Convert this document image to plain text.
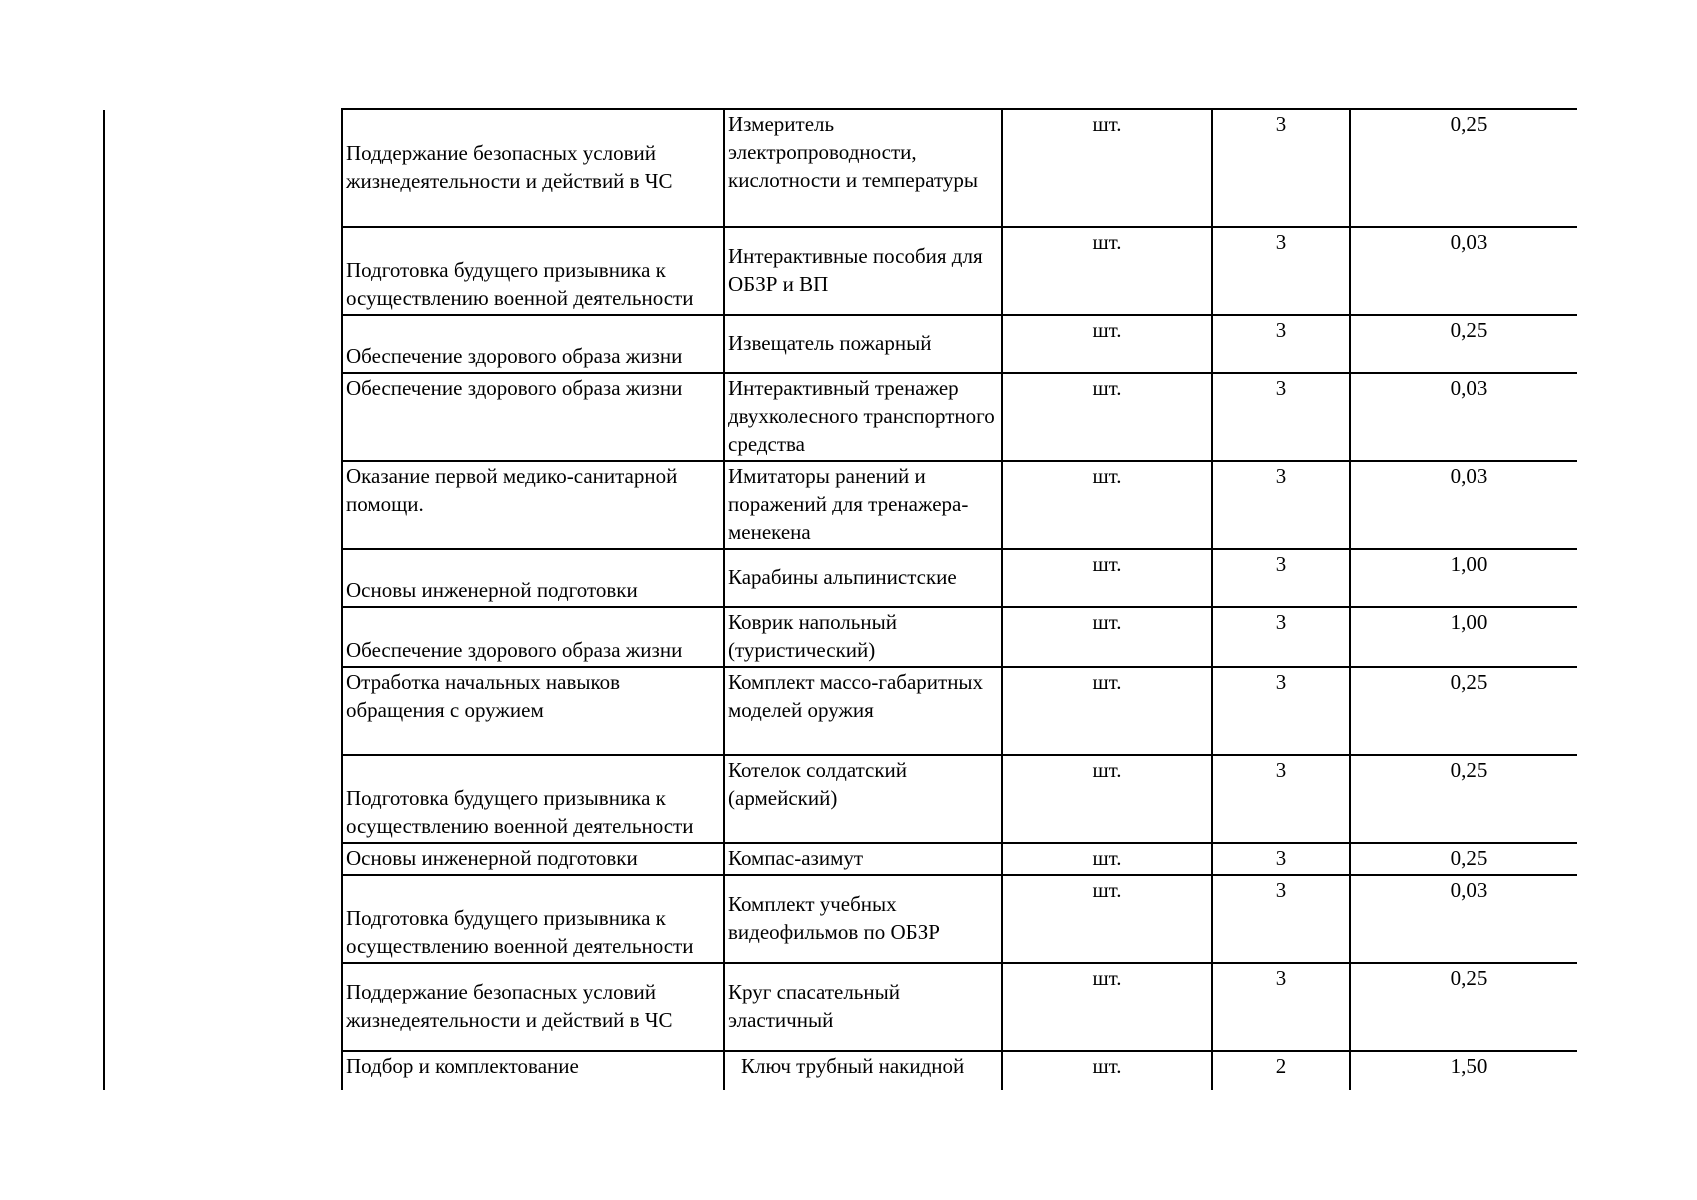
Поддержание безопасных условий жизнедеятельности и действий в ЧС	Измеритель электропроводности, кислотности и температуры	шт.	3	0,25
Подготовка будущего призывника к осуществлению военной деятельности	Интерактивные пособия для ОБЗР и ВП	шт.	3	0,03
Обеспечение здорового образа жизни	Извещатель пожарный	шт.	3	0,25
Обеспечение здорового образа жизни	Интерактивный тренажер двухколесного транспортного средства	шт.	3	0,03
Оказание первой медико-санитарной помощи.	Имитаторы ранений и поражений для тренажера-менекена	шт.	3	0,03
Основы инженерной подготовки	Карабины альпинистские	шт.	3	1,00
Обеспечение здорового образа жизни	Коврик напольный (туристический)	шт.	3	1,00
Отработка начальных навыков обращения с оружием	Комплект массо-габаритных моделей оружия	шт.	3	0,25
Подготовка будущего призывника к осуществлению военной деятельности	Котелок солдатский (армейский)	шт.	3	0,25
Основы инженерной подготовки	Компас-азимут	шт.	3	0,25
Подготовка будущего призывника к осуществлению военной деятельности	Комплект учебных видеофильмов по ОБЗР	шт.	3	0,03
Поддержание безопасных условий жизнедеятельности и действий в ЧС	Круг спасательный эластичный	шт.	3	0,25
Подбор и комплектование	Ключ трубный накидной	шт.	2	1,50
